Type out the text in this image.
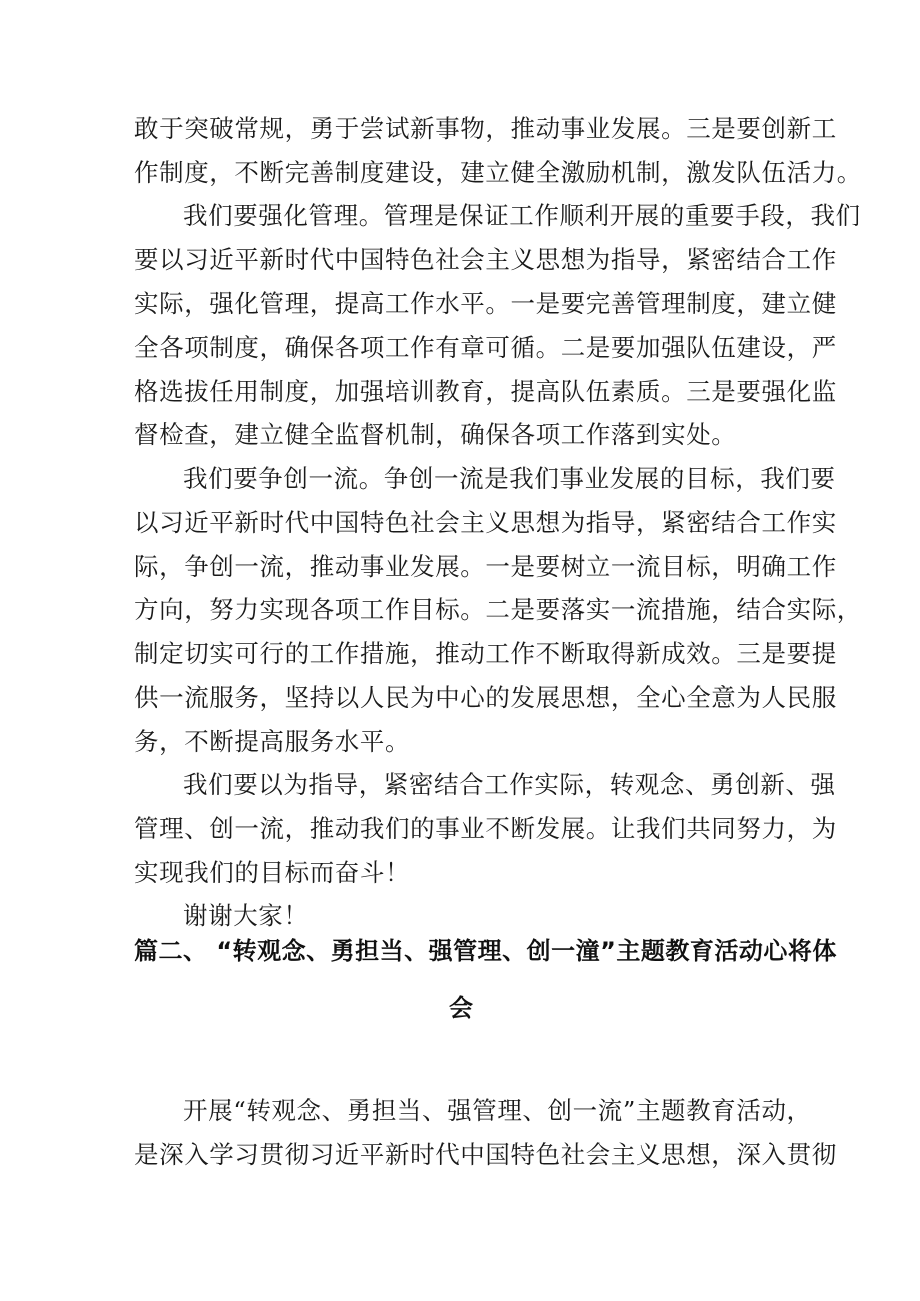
敢于突破常规，勇于尝试新事物，推动事业发展。三是要创新工
作制度，不断完善制度建设，建立健全激励机制，激发队伍活力。
我们要强化管理。管理是保证工作顺利开展的重要手段，我们
要以习近平新时代中国特色社会主义思想为指导，紧密结合工作
实际，强化管理，提高工作水平。一是要完善管理制度，建立健
全各项制度，确保各项工作有章可循。二是要加强队伍建设，严
格选拔任用制度，加强培训教育，提高队伍素质。三是要强化监
督检查，建立健全监督机制，确保各项工作落到实处。
我们要争创一流。争创一流是我们事业发展的目标，我们要
以习近平新时代中国特色社会主义思想为指导，紧密结合工作实
际，争创一流，推动事业发展。一是要树立一流目标，明确工作
方向，努力实现各项工作目标。二是要落实一流措施，结合实际，
制定切实可行的工作措施，推动工作不断取得新成效。三是要提
供一流服务，坚持以人民为中心的发展思想，全心全意为人民服
务，不断提高服务水平。
我们要以为指导，紧密结合工作实际，转观念、勇创新、强
管理、创一流，推动我们的事业不断发展。让我们共同努力，为
实现我们的目标而奋斗！
谢谢大家！
篇二、 “转观念、勇担当、强管理、创一潼”主题教育活动心将体
会
开展“转观念、勇担当、强管理、创一流”主题教育活动，
是深入学习贯彻习近平新时代中国特色社会主义思想，深入贯彻
